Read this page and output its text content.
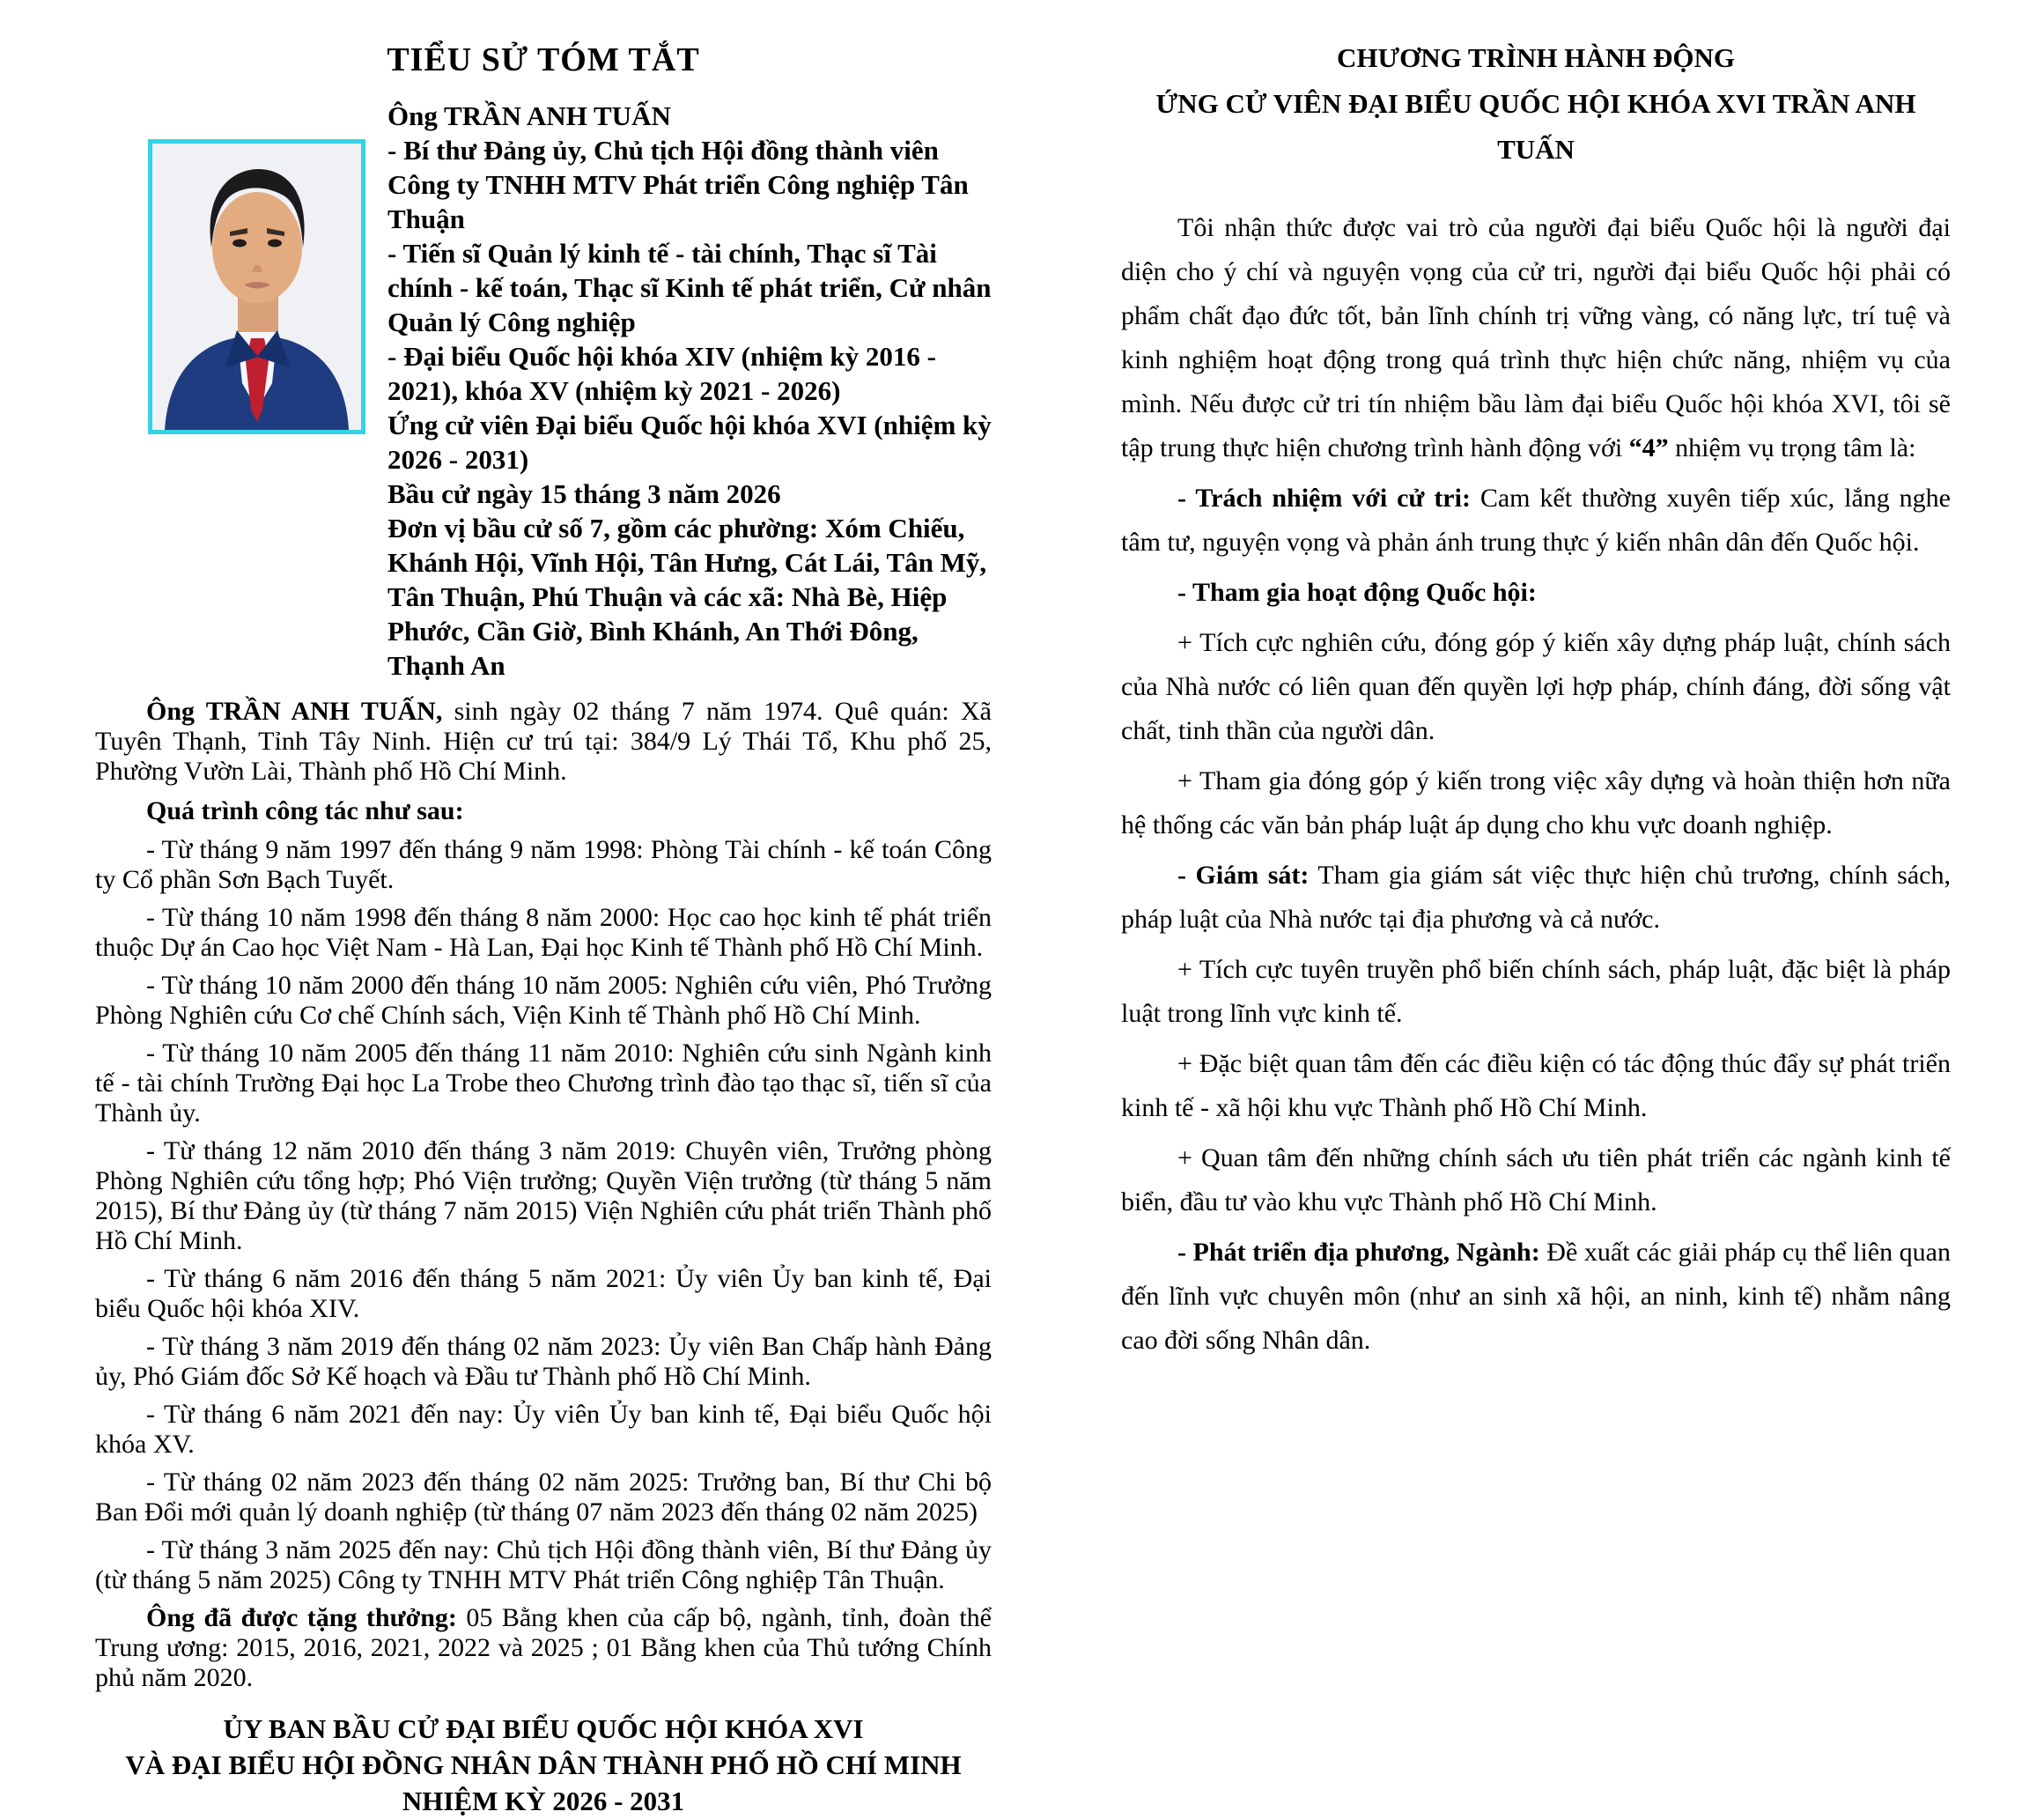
TIỂU SỬ TÓM TẮT

Ông TRẦN ANH TUẤN

- Bí thư Đảng ủy, Chủ tịch Hội đồng thành viên Công ty TNHH MTV Phát triển Công nghiệp Tân Thuận

- Tiến sĩ Quản lý kinh tế - tài chính, Thạc sĩ Tài chính - kế toán, Thạc sĩ Kinh tế phát triển, Cử nhân Quản lý Công nghiệp

- Đại biểu Quốc hội khóa XIV (nhiệm kỳ 2016 - 2021), khóa XV (nhiệm kỳ 2021 - 2026)

Ứng cử viên Đại biểu Quốc hội khóa XVI (nhiệm kỳ 2026 - 2031)

Bầu cử ngày 15 tháng 3 năm 2026

Đơn vị bầu cử số 7, gồm các phường: Xóm Chiếu, Khánh Hội, Vĩnh Hội, Tân Hưng, Cát Lái, Tân Mỹ, Tân Thuận, Phú Thuận và các xã: Nhà Bè, Hiệp Phước, Cần Giờ, Bình Khánh, An Thới Đông, Thạnh An

Ông TRẦN ANH TUẤN, sinh ngày 02 tháng 7 năm 1974. Quê quán: Xã Tuyên Thạnh, Tỉnh Tây Ninh. Hiện cư trú tại: 384/9 Lý Thái Tổ, Khu phố 25, Phường Vườn Lài, Thành phố Hồ Chí Minh.

Quá trình công tác như sau:

- Từ tháng 9 năm 1997 đến tháng 9 năm 1998: Phòng Tài chính - kế toán Công ty Cổ phần Sơn Bạch Tuyết.

- Từ tháng 10 năm 1998 đến tháng 8 năm 2000: Học cao học kinh tế phát triển thuộc Dự án Cao học Việt Nam - Hà Lan, Đại học Kinh tế Thành phố Hồ Chí Minh.

- Từ tháng 10 năm 2000 đến tháng 10 năm 2005: Nghiên cứu viên, Phó Trưởng Phòng Nghiên cứu Cơ chế Chính sách, Viện Kinh tế Thành phố Hồ Chí Minh.

- Từ tháng 10 năm 2005 đến tháng 11 năm 2010: Nghiên cứu sinh Ngành kinh tế - tài chính Trường Đại học La Trobe theo Chương trình đào tạo thạc sĩ, tiến sĩ của Thành ủy.

- Từ tháng 12 năm 2010 đến tháng 3 năm 2019: Chuyên viên, Trưởng phòng Phòng Nghiên cứu tổng hợp; Phó Viện trưởng; Quyền Viện trưởng (từ tháng 5 năm 2015), Bí thư Đảng ủy (từ tháng 7 năm 2015) Viện Nghiên cứu phát triển Thành phố Hồ Chí Minh.

- Từ tháng 6 năm 2016 đến tháng 5 năm 2021: Ủy viên Ủy ban kinh tế, Đại biểu Quốc hội khóa XIV.

- Từ tháng 3 năm 2019 đến tháng 02 năm 2023: Ủy viên Ban Chấp hành Đảng ủy, Phó Giám đốc Sở Kế hoạch và Đầu tư Thành phố Hồ Chí Minh.

- Từ tháng 6 năm 2021 đến nay: Ủy viên Ủy ban kinh tế, Đại biểu Quốc hội khóa XV.

- Từ tháng 02 năm 2023 đến tháng 02 năm 2025: Trưởng ban, Bí thư Chi bộ Ban Đổi mới quản lý doanh nghiệp (từ tháng 07 năm 2023 đến tháng 02 năm 2025)

- Từ tháng 3 năm 2025 đến nay: Chủ tịch Hội đồng thành viên, Bí thư Đảng ủy (từ tháng 5 năm 2025) Công ty TNHH MTV Phát triển Công nghiệp Tân Thuận.

Ông đã được tặng thưởng: 05 Bằng khen của cấp bộ, ngành, tỉnh, đoàn thể Trung ương: 2015, 2016, 2021, 2022 và 2025 ; 01 Bằng khen của Thủ tướng Chính phủ năm 2020.

ỦY BAN BẦU CỬ ĐẠI BIỂU QUỐC HỘI KHÓA XVI
VÀ ĐẠI BIỂU HỘI ĐỒNG NHÂN DÂN THÀNH PHỐ HỒ CHÍ MINH
NHIỆM KỲ 2026 - 2031

CHƯƠNG TRÌNH HÀNH ĐỘNG
ỨNG CỬ VIÊN ĐẠI BIỂU QUỐC HỘI KHÓA XVI TRẦN ANH TUẤN

Tôi nhận thức được vai trò của người đại biểu Quốc hội là người đại diện cho ý chí và nguyện vọng của cử tri, người đại biểu Quốc hội phải có phẩm chất đạo đức tốt, bản lĩnh chính trị vững vàng, có năng lực, trí tuệ và kinh nghiệm hoạt động trong quá trình thực hiện chức năng, nhiệm vụ của mình. Nếu được cử tri tín nhiệm bầu làm đại biểu Quốc hội khóa XVI, tôi sẽ tập trung thực hiện chương trình hành động với “4” nhiệm vụ trọng tâm là:

- Trách nhiệm với cử tri: Cam kết thường xuyên tiếp xúc, lắng nghe tâm tư, nguyện vọng và phản ánh trung thực ý kiến nhân dân đến Quốc hội.

- Tham gia hoạt động Quốc hội:

+ Tích cực nghiên cứu, đóng góp ý kiến xây dựng pháp luật, chính sách của Nhà nước có liên quan đến quyền lợi hợp pháp, chính đáng, đời sống vật chất, tinh thần của người dân.

+ Tham gia đóng góp ý kiến trong việc xây dựng và hoàn thiện hơn nữa hệ thống các văn bản pháp luật áp dụng cho khu vực doanh nghiệp.

- Giám sát: Tham gia giám sát việc thực hiện chủ trương, chính sách, pháp luật của Nhà nước tại địa phương và cả nước.

+ Tích cực tuyên truyền phổ biến chính sách, pháp luật, đặc biệt là pháp luật trong lĩnh vực kinh tế.

+ Đặc biệt quan tâm đến các điều kiện có tác động thúc đẩy sự phát triển kinh tế - xã hội khu vực Thành phố Hồ Chí Minh.

+ Quan tâm đến những chính sách ưu tiên phát triển các ngành kinh tế biển, đầu tư vào khu vực Thành phố Hồ Chí Minh.

- Phát triển địa phương, Ngành: Đề xuất các giải pháp cụ thể liên quan đến lĩnh vực chuyên môn (như an sinh xã hội, an ninh, kinh tế) nhằm nâng cao đời sống Nhân dân.
